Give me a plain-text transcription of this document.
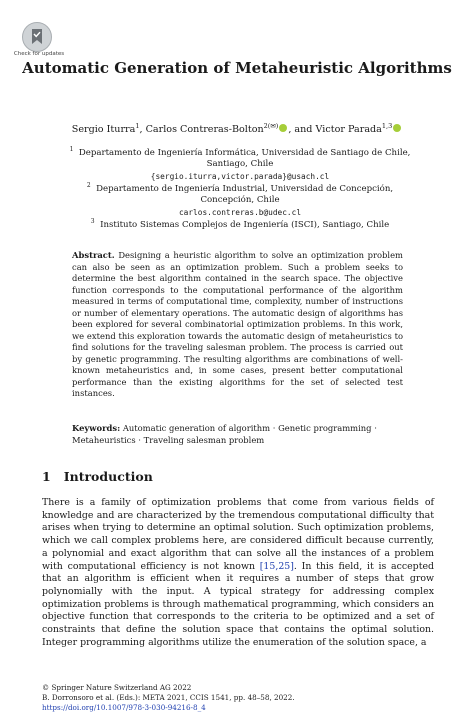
Check for updates
Automatic Generation of Metaheuristic Algorithms
Sergio Iturra$^1$, Carlos Contreras-Bolton$^{2(✉)}$ , and Victor Parada$^{1,3}$
$^1$ Departamento de Ingeniería Informática, Universidad de Santiago de Chile,
Santiago, Chile
{sergio.iturra,victor.parada}@usach.cl
$^2$ Departamento de Ingeniería Industrial, Universidad de Concepción,
Concepción, Chile
carlos.contreras.b@udec.cl
$^3$ Instituto Sistemas Complejos de Ingeniería (ISCI), Santiago, Chile
Abstract. Designing a heuristic algorithm to solve an optimization problem can also be seen as an optimization problem. Such a problem seeks to determine the best algorithm contained in the search space. The objective function corresponds to the computational performance of the algorithm measured in terms of computational time, complexity, number of instructions or number of elementary operations. The automatic design of algorithms has been explored for several combinatorial optimization problems. In this work, we extend this exploration towards the automatic design of metaheuristics to find solutions for the traveling salesman problem. The process is carried out by genetic programming. The resulting algorithms are combinations of well-known metaheuristics and, in some cases, present better computational performance than the existing algorithms for the set of selected test instances.
Keywords: Automatic generation of algorithm · Genetic programming · Metaheuristics · Traveling salesman problem
1 Introduction
There is a family of optimization problems that come from various fields of knowledge and are characterized by the tremendous computational difficulty that arises when trying to determine an optimal solution. Such optimization problems, which we call complex problems here, are considered difficult because currently, a polynomial and exact algorithm that can solve all the instances of a problem with computational efficiency is not known [15,25]. In this field, it is accepted that an algorithm is efficient when it requires a number of steps that grow polynomially with the input. A typical strategy for addressing complex optimization problems is through mathematical programming, which considers an objective function that corresponds to the criteria to be optimized and a set of constraints that define the solution space that contains the optimal solution. Integer programming algorithms utilize the enumeration of the solution space, a
© Springer Nature Switzerland AG 2022
B. Dorronsoro et al. (Eds.): META 2021, CCIS 1541, pp. 48–58, 2022.
https://doi.org/10.1007/978-3-030-94216-8_4
